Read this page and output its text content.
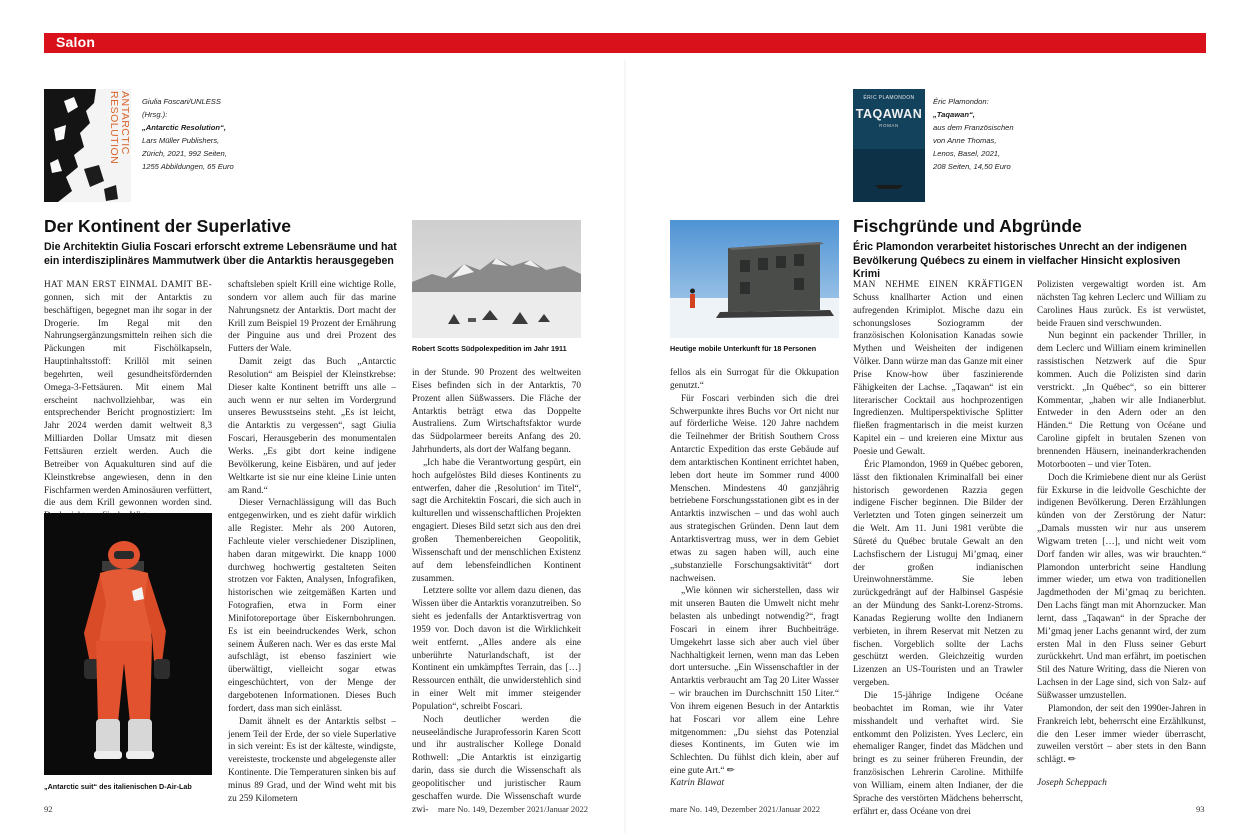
Salon
ANTARCTIC RESOLUTION	Giulia Foscari/UNLESS
(Hrsg.):
„Antarctic Resolution“,
Lars Müller Publishers,
Zürich, 2021, 992 Seiten,
1255 Abbildungen, 65 Euro
Der Kontinent der Superlative
Die Architektin Giulia Foscari erforscht extreme Lebensräume und hat ein interdisziplinäres Mammutwerk über die Antarktis herausgegeben

HAT MAN ERST EINMAL DAMIT BE- gonnen, sich mit der Antarktis zu beschäftigen, begegnet man ihr sogar in der Drogerie. Im Regal mit den Nahrungsergänzungsmitteln reihen sich die Päckungen mit Fischölkapseln, Hauptinhaltsstoff: Krillöl mit seinen begehrten, weil gesundheitsfördernden Omega-3-Fettsäuren. Mit einem Mal erscheint nachvollziehbar, was ein entsprechender Bericht prognostiziert: Im Jahr 2024 werden damit weltweit 8,3 Milliarden Dollar Umsatz mit diesen Fettsäuren erzielt werden. Auch die Betreiber von Aquakulturen sind auf die Kleinstkrebse angewiesen, denn in den Fischfarmen werden Aminosäuren verfüttert, die aus dem Krill gewonnen worden sind.

„Antarctic suit“ des italienischen D-Air-Lab

schaftsleben spielt Krill eine wichtige Rolle, sondern vor allem auch für das marine Nahrungsnetz der Antarktis. Dort macht der Krill zum Beispiel 19 Prozent der Ernährung der Pinguine aus und drei Prozent des Futters der Wale.

Damit zeigt das Buch „Antarctic Resolution“ am Beispiel der Kleinstkrebse: Dieser kalte Kontinent betrifft uns alle – auch wenn er nur selten im Vordergrund unseres Bewusstseins steht. „Es ist leicht, die Antarktis zu vergessen“, sagt Giulia Foscari, Herausgeberin des monumentalen Werks. „Es gibt dort keine indigene Bevölkerung, keine Eisbären, und auf jeder Weltkarte ist sie nur eine kleine Linie unten am Rand.“

Dieser Vernachlässigung will das Buch entgegenwirken, und es zieht dafür wirklich alle Register. Mehr als 200 Autoren, Fachleute vieler verschiedener Disziplinen, haben daran mitgewirkt. Die knapp 1000 durchweg hochwertig gestalteten Seiten strotzen vor Fakten, Analysen, Infografiken, historischen wie zeitgemäßen Karten und Fotografien, etwa in Form einer Minifotoreportage über Eiskernbohrungen. Es ist ein beeindruckendes Werk, schon seinem Äußeren nach. Wer es das erste Mal aufschlägt, ist ebenso fasziniert wie überwältigt, vielleicht sogar etwas eingeschüchtert, von der Menge der dargebotenen Informationen. Dieses Buch fordert, dass man sich einlässt.

Damit ähnelt es der Antarktis selbst – jenem Teil der Erde, der so viele Superlative in sich vereint: Es ist der kälteste, windigste, vereisteste, trockenste und abgelegenste aller Kontinente. Die Temperaturen sinken bis auf minus 89 Grad, und der Wind weht mit bis zu 259 Kilometern

Robert Scotts Südpolexpedition im Jahr 1911

in der Stunde. 90 Prozent des weltweiten Eises befinden sich in der Antarktis, 70 Prozent allen Süßwassers. Die Fläche der Antarktis beträgt etwa das Doppelte Australiens. Zum Wirtschaftsfaktor wurde das Südpolarmeer bereits Anfang des 20. Jahrhunderts, als dort der Walfang begann.

„Ich habe die Verantwortung gespürt, ein hoch aufgelöstes Bild dieses Kontinents zu entwerfen, daher die ‚Resolution‘ im Titel“, sagt die Architektin Foscari, die sich auch in kulturellen und wissenschaftlichen Projekten engagiert. Dieses Bild setzt sich aus den drei großen Themenbereichen Geopolitik, Wissenschaft und der menschlichen Existenz auf dem lebensfeindlichen Kontinent zusammen.

Letztere sollte vor allem dazu dienen, das Wissen über die Antarktis voranzutreiben. So sieht es jedenfalls der Antarktisvertrag von 1959 vor. Doch davon ist die Wirklichkeit weit entfernt. „Alles andere als eine unberührte Naturlandschaft, ist der Kontinent ein umkämpftes Terrain, das […] Ressourcen enthält, die unwiderstehlich sind in einer Welt mit immer steigender Population“, schreibt Foscari.

Noch deutlicher werden die neuseeländische Juraprofessorin Karen Scott und ihr australischer Kollege Donald Rothwell: „Die Antarktis ist einzigartig darin, dass sie durch die Wissenschaft als geopolitischer und juristischer Raum geschaffen wurde. Die Wissenschaft wurde zwi-

92	mare No. 149, Dezember 2021/Januar 2022
Heutige mobile Unterkunft für 18 Personen

fellos als ein Surrogat für die Okkupation genutzt.“

Für Foscari verbinden sich die drei Schwerpunkte ihres Buchs vor Ort nicht nur auf förderliche Weise. 120 Jahre nachdem die Teilnehmer der British Southern Cross Antarctic Expedition das erste Gebäude auf dem antarktischen Kontinent errichtet haben, leben dort heute im Sommer rund 4000 Menschen. Mindestens 40 ganzjährig betriebene Forschungsstationen gibt es in der Antarktis inzwischen – und das wohl auch aus strategischen Gründen. Denn laut dem Antarktisvertrag muss, wer in dem Gebiet etwas zu sagen haben will, auch eine „substanzielle Forschungsaktivität“ dort nachweisen.

„Wie können wir sicherstellen, dass wir mit unseren Bauten die Umwelt nicht mehr belasten als unbedingt notwendig?“, fragt Foscari in einem ihrer Buchbeiträge. Umgekehrt lasse sich aber auch viel über Nachhaltigkeit lernen, wenn man das Leben dort untersuche. „Ein Wissenschaftler in der Antarktis verbraucht am Tag 20 Liter Wasser – wir brauchen im Durchschnitt 150 Liter.“ Von ihrem eigenen Besuch in der Antarktis hat Foscari vor allem eine Lehre mitgenommen: „Du siehst das Potenzial dieses Kontinents, im Guten wie im Schlechten. Du fühlst dich klein, aber auf eine gute Art.“ ✏

Katrin Blawat
ÉRIC PLAMONDON
TAQAWAN
ROMAN
Éric Plamondon:
„Taqawan“,
aus dem Französischen
von Anne Thomas,
Lenos, Basel, 2021,
208 Seiten, 14,50 Euro
Fischgründe und Abgründe
Éric Plamondon verarbeitet historisches Unrecht an der indigenen Bevölkerung Québecs zu einem in vielfacher Hinsicht explosiven Krimi

MAN NEHME EINEN KRÄFTIGEN Schuss knallharter Action und einen aufregenden Krimiplot. Mische dazu ein schonungsloses Soziogramm der französischen Kolonisation Kanadas sowie Mythen und Weisheiten der indigenen Völker. Dann würze man das Ganze mit einer Prise Know-how über faszinierende Fähigkeiten der Lachse. „Taqawan“ ist ein literarischer Cocktail aus hochprozentigen Ingredienzen. Multiperspektivische Splitter fließen fragmentarisch in die meist kurzen Kapitel ein – und kreieren eine Mixtur aus Poesie und Gewalt.

Éric Plamondon, 1969 in Québec geboren, lässt den fiktionalen Kriminalfall bei einer historisch gewordenen Razzia gegen indigene Fischer beginnen. Die Bilder der Verletzten und Toten gingen seinerzeit um die Welt. Am 11. Juni 1981 verübte die Sûreté du Québec brutale Gewalt an den Lachsfischern der Listuguj Mi’gmaq, einer der großen indianischen Ureinwohnerstämme. Sie leben zurückgedrängt auf der Halbinsel Gaspésie an der Mündung des Sankt-Lorenz-Stroms. Kanadas Regierung wollte den Indianern verbieten, in ihrem Reservat mit Netzen zu fischen. Vorgeblich sollte der Lachs geschützt werden. Gleichzeitig wurden Lizenzen an US-Touristen und an Trawler vergeben.

Die 15-jährige Indigene Océane beobachtet im Roman, wie ihr Vater misshandelt und verhaftet wird. Sie entkommt den Polizisten. Yves Leclerc, ein ehemaliger Ranger, findet das Mädchen und bringt es zu seiner früheren Freundin, der französischen Lehrerin Caroline. Mithilfe von William, einem alten Indianer, der die Sprache des verstörten Mädchens beherrscht, erfährt er, dass Océane von drei

Polizisten vergewaltigt worden ist. Am nächsten Tag kehren Leclerc und William zu Carolines Haus zurück. Es ist verwüstet, beide Frauen sind verschwunden.

Nun beginnt ein packender Thriller, in dem Leclerc und William einem kriminellen rassistischen Netzwerk auf die Spur kommen. Auch die Polizisten sind darin verstrickt. „In Québec“, so ein bitterer Kommentar, „haben wir alle Indianerblut. Entweder in den Adern oder an den Händen.“ Die Rettung von Océane und Caroline gipfelt in brutalen Szenen von brennenden Häusern, ineinanderkrachenden Motorbooten – und vier Toten.

Doch die Krimiebene dient nur als Gerüst für Exkurse in die leidvolle Geschichte der indigenen Bevölkerung. Deren Erzählungen künden von der Zerstörung der Natur: „Damals mussten wir nur aus unserem Wigwam treten […], und nicht weit vom Dorf fanden wir alles, was wir brauchten.“ Plamondon unterbricht seine Handlung immer wieder, um etwa von traditionellen Jagdmethoden der Mi’gmaq zu berichten. Den Lachs fängt man mit Ahornzucker. Man lernt, dass „Taqawan“ in der Sprache der Mi’gmaq jener Lachs genannt wird, der zum ersten Mal in den Fluss seiner Geburt zurückkehrt. Und man erfährt, im poetischen Stil des Nature Writing, dass die Nieren von Lachsen in der Lage sind, sich von Salz- auf Süßwasser umzustellen.

Plamondon, der seit den 1990er-Jahren in Frankreich lebt, beherrscht eine Erzählkunst, die den Leser immer wieder überrascht, zuweilen verstört – aber stets in den Bann schlägt. ✏

Joseph Scheppach
mare No. 149, Dezember 2021/Januar 2022	93
